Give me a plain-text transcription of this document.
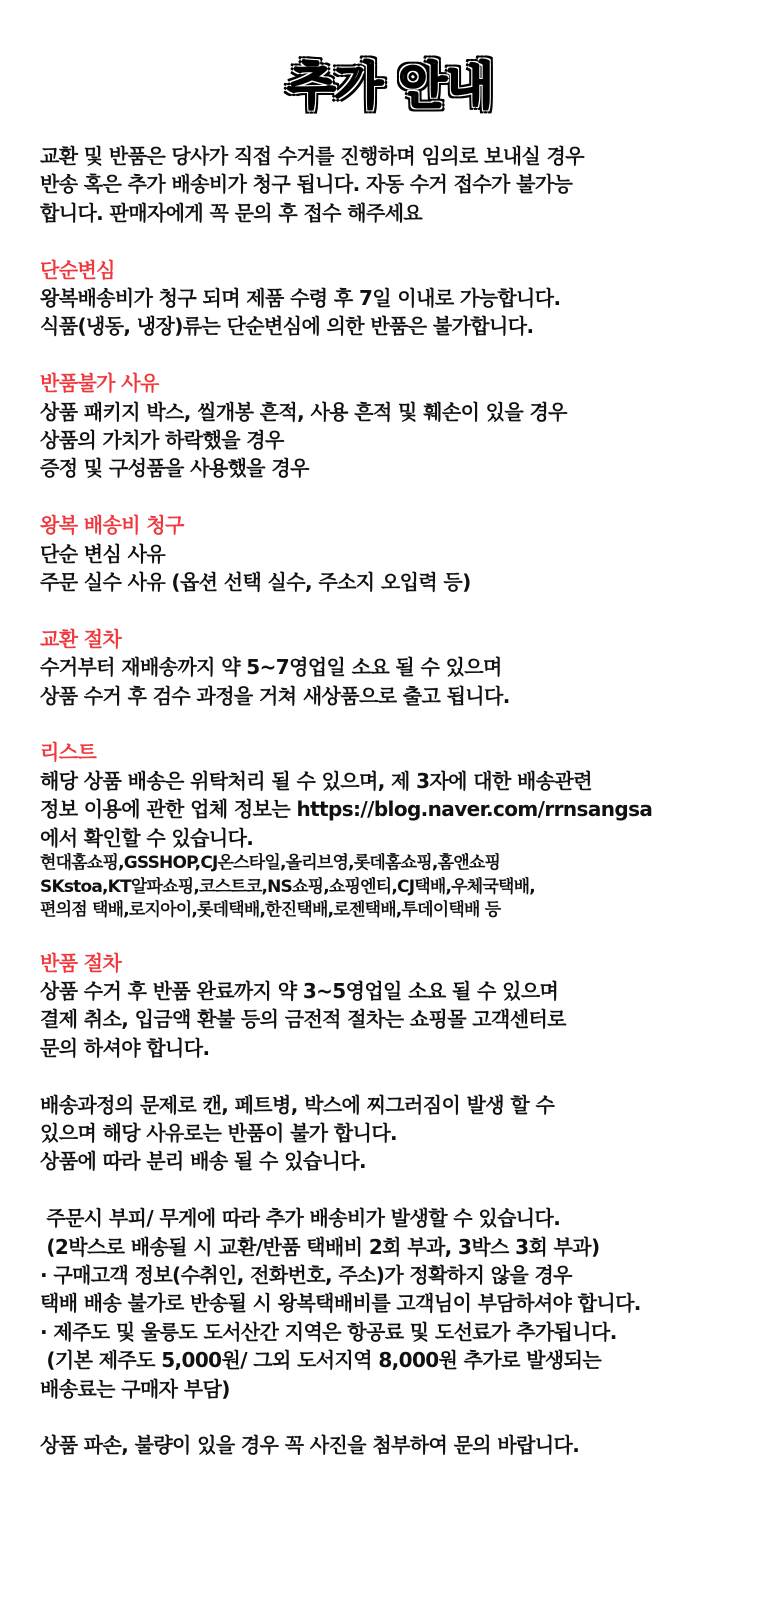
추가 안내
교환 및 반품은 당사가 직접 수거를 진행하며 임의로 보내실 경우
반송 혹은 추가 배송비가 청구 됩니다. 자동 수거 접수가 불가능
합니다. 판매자에게 꼭 문의 후 접수 해주세요
단순변심
왕복배송비가 청구 되며 제품 수령 후 7일 이내로 가능합니다.
식품(냉동, 냉장)류는 단순변심에 의한 반품은 불가합니다.
반품불가 사유
상품 패키지 박스, 씰개봉 흔적, 사용 흔적 및 훼손이 있을 경우
상품의 가치가 하락했을 경우
증정 및 구성품을 사용했을 경우
왕복 배송비 청구
단순 변심 사유
주문 실수 사유 (옵션 선택 실수, 주소지 오입력 등)
교환 절차
수거부터 재배송까지 약 5~7영업일 소요 될 수 있으며
상품 수거 후 검수 과정을 거쳐 새상품으로 출고 됩니다.
리스트
해당 상품 배송은 위탁처리 될 수 있으며, 제 3자에 대한 배송관련
정보 이용에 관한 업체 정보는 https://blog.naver.com/rrnsangsa
에서 확인할 수 있습니다.
현대홈쇼핑,GSSHOP,CJ온스타일,올리브영,롯데홈쇼핑,홈앤쇼핑
SKstoa,KT알파쇼핑,코스트코,NS쇼핑,쇼핑엔티,CJ택배,우체국택배,
편의점 택배,로지아이,롯데택배,한진택배,로젠택배,투데이택배 등
반품 절차
상품 수거 후 반품 완료까지 약 3~5영업일 소요 될 수 있으며
결제 취소, 입금액 환불 등의 금전적 절차는 쇼핑몰 고객센터로
문의 하셔야 합니다.
배송과정의 문제로 캔, 페트병, 박스에 찌그러짐이 발생 할 수
있으며 해당 사유로는 반품이 불가 합니다.
상품에 따라 분리 배송 될 수 있습니다.
주문시 부피/ 무게에 따라 추가 배송비가 발생할 수 있습니다.
(2박스로 배송될 시 교환/반품 택배비 2회 부과, 3박스 3회 부과)
· 구매고객 정보(수취인, 전화번호, 주소)가 정확하지 않을 경우
택배 배송 불가로 반송될 시 왕복택배비를 고객님이 부담하셔야 합니다.
· 제주도 및 울릉도 도서산간 지역은 항공료 및 도선료가 추가됩니다.
(기본 제주도 5,000원/ 그외 도서지역 8,000원 추가로 발생되는
배송료는 구매자 부담)
상품 파손, 불량이 있을 경우 꼭 사진을 첨부하여 문의 바랍니다.
